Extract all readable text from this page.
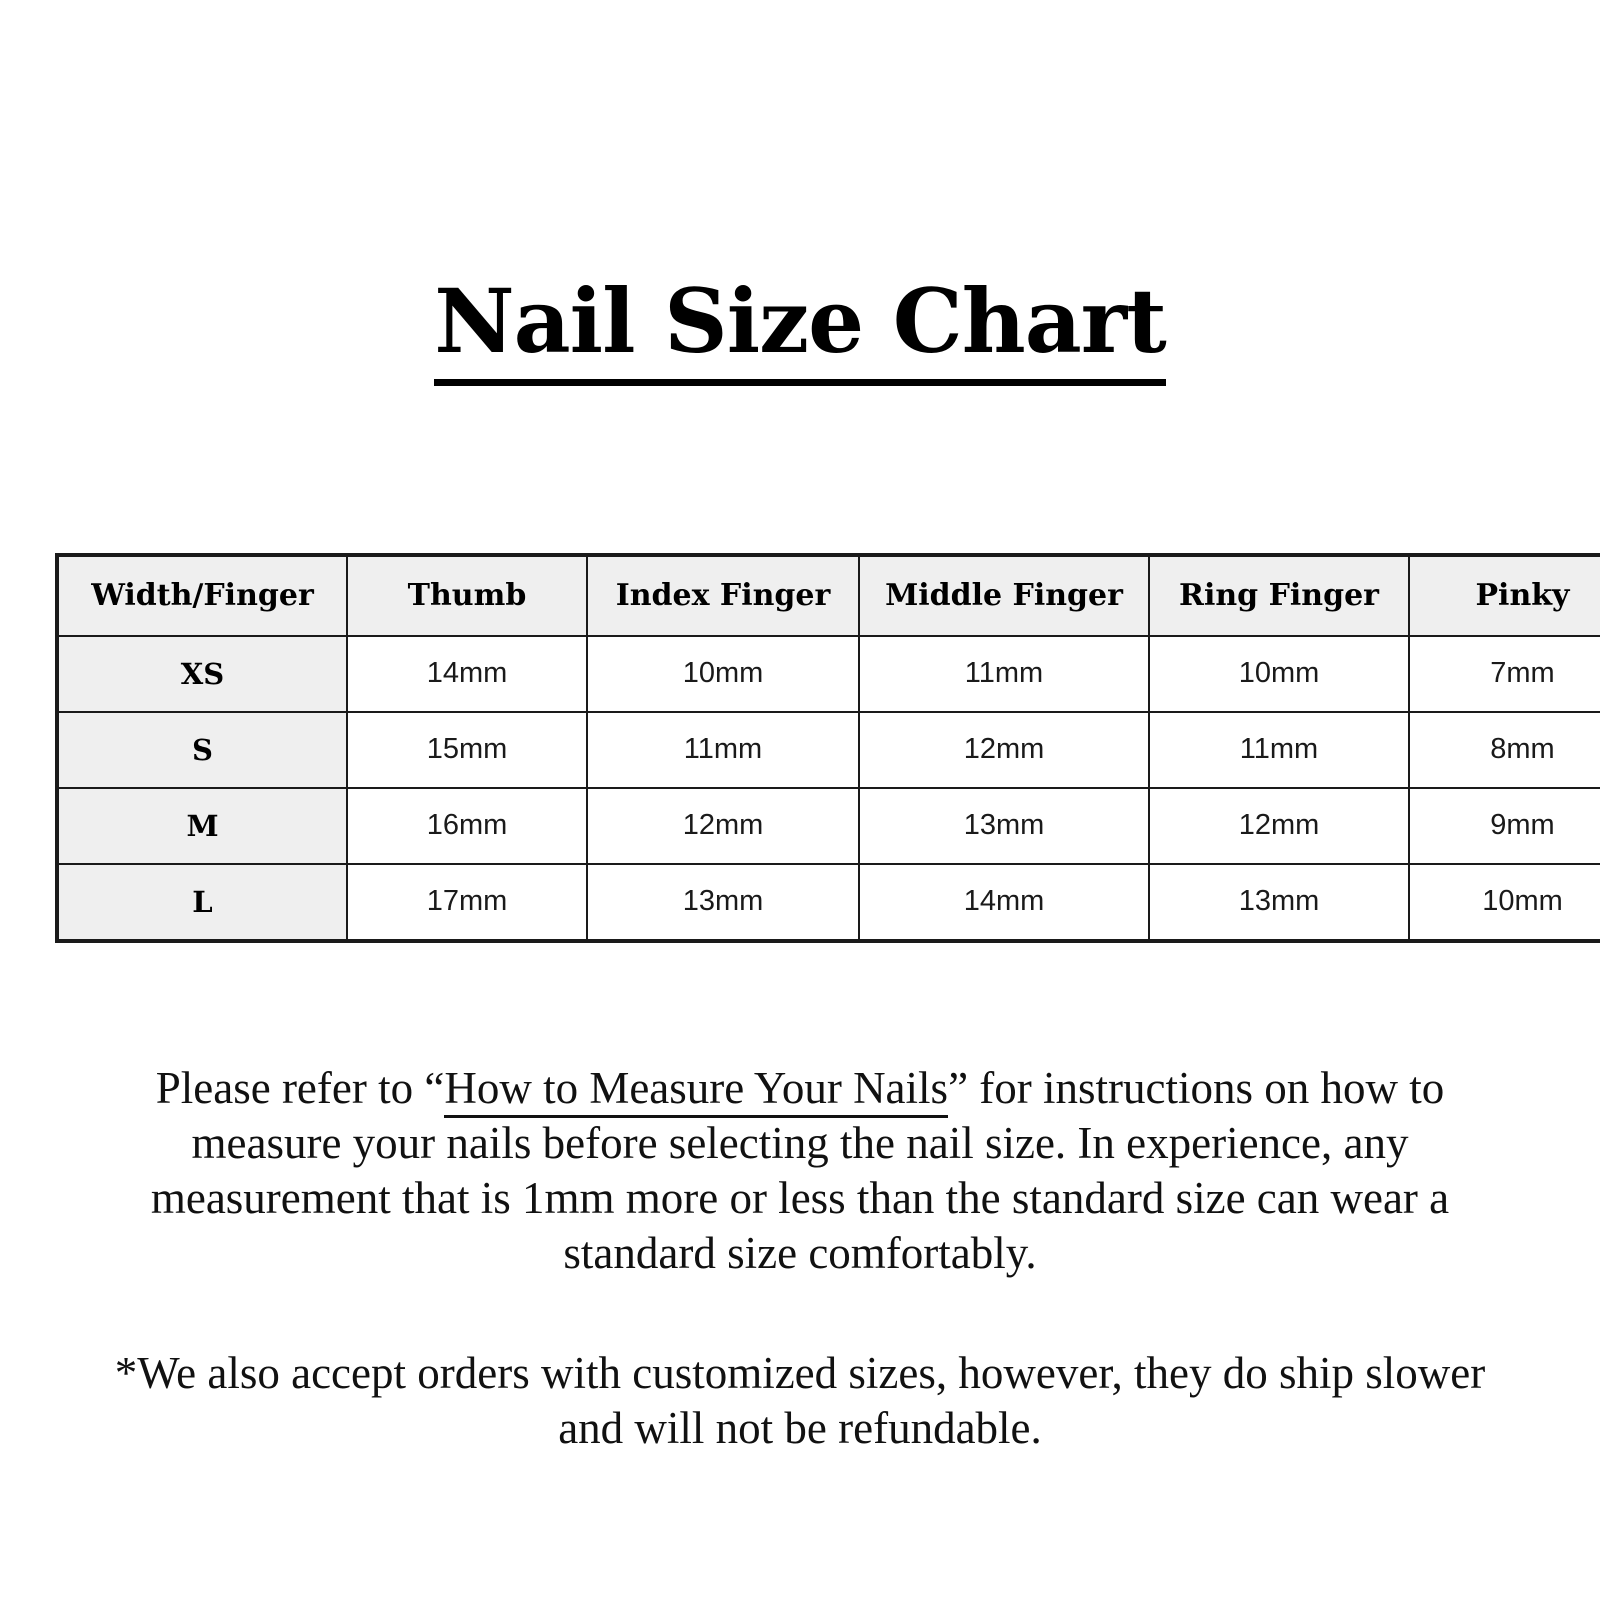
Nail Size Chart
Width/Finger	Thumb	Index Finger	Middle Finger	Ring Finger	Pinky
XS	14mm	10mm	11mm	10mm	7mm
S	15mm	11mm	12mm	11mm	8mm
M	16mm	12mm	13mm	12mm	9mm
L	17mm	13mm	14mm	13mm	10mm

Please refer to “How to Measure Your Nails” for instructions on how to measure your nails before selecting the nail size. In experience, any measurement that is 1mm more or less than the standard size can wear a standard size comfortably.

*We also accept orders with customized sizes, however, they do ship slower and will not be refundable.
